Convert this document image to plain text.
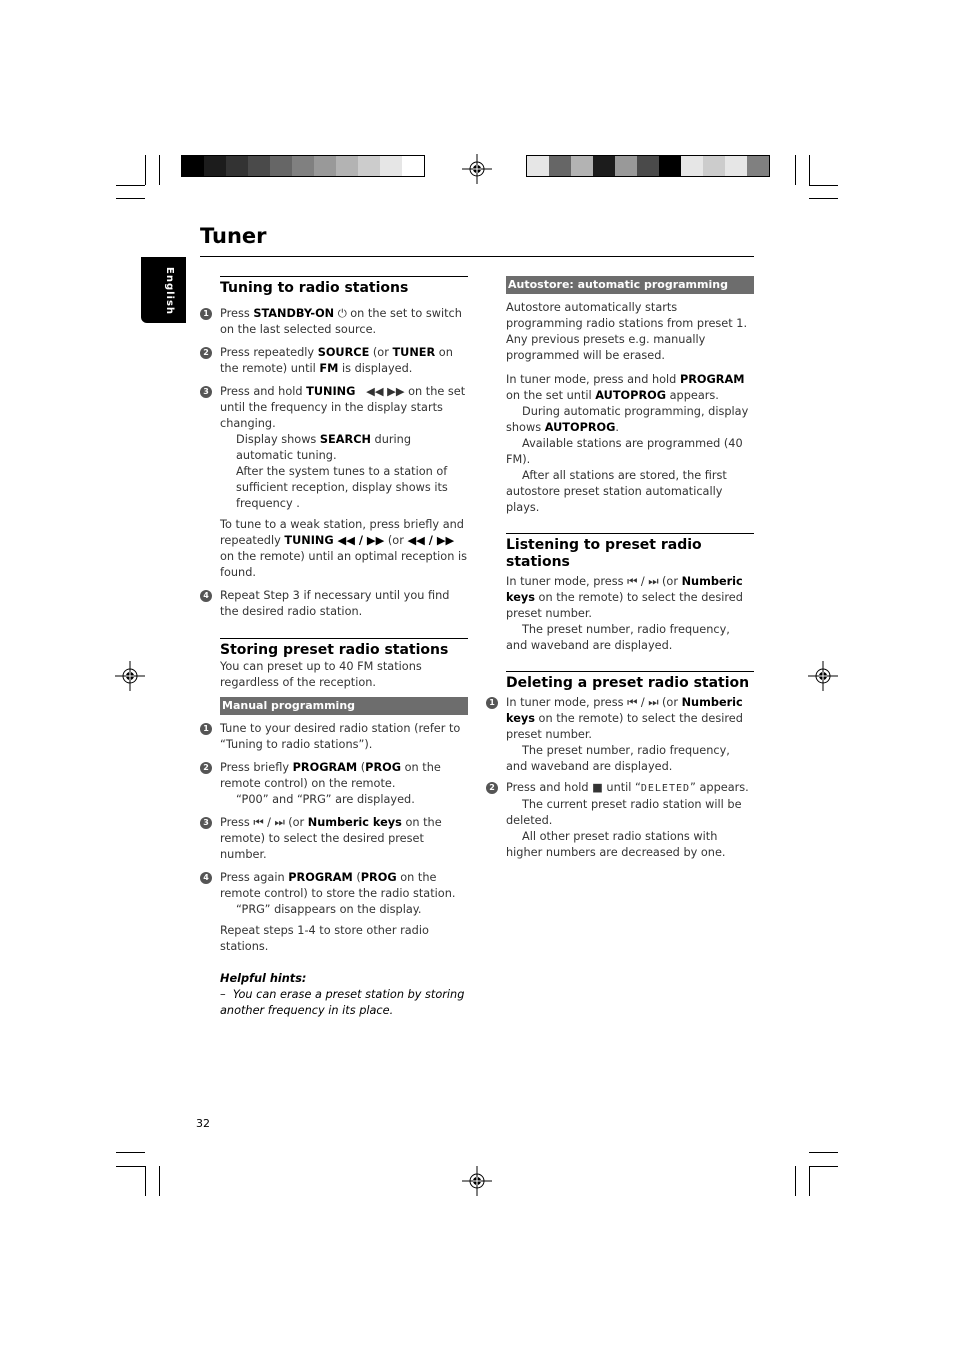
English
Tuner
Tuning to radio stations

1 Press STANDBY-ON ⏻ on the set to switch on the last selected source.

2 Press repeatedly SOURCE (or TUNER on the remote) until FM is displayed.

3 Press and hold TUNING   ◀◀ ▶▶ on the set until the frequency in the display starts changing.

Display shows SEARCH during automatic tuning.

After the system tunes to a station of sufficient reception, display shows its frequency .

To tune to a weak station, press briefly and repeatedly TUNING ◀◀ / ▶▶ (or ◀◀ / ▶▶ on the remote) until an optimal reception is found.

4 Repeat Step 3 if necessary until you find the desired radio station.

Storing preset radio stations

You can preset up to 40 FM stations regardless of the reception.

Manual programming

1 Tune to your desired radio station (refer to “Tuning to radio stations”).

2 Press briefly PROGRAM (PROG on the remote control) on the remote.

“P00” and “PRG” are displayed.

3 Press ⏮ / ⏭ (or Numberic keys on the remote) to select the desired preset number.

4 Press again PROGRAM (PROG on the remote control) to store the radio station.

“PRG” disappears on the display.

Repeat steps 1-4 to store other radio stations.

Helpful hints:

–  You can erase a preset station by storing another frequency in its place.

Autostore: automatic programming

Autostore automatically starts programming radio stations from preset 1. Any previous presets e.g. manually programmed will be erased.

In tuner mode, press and hold PROGRAM on the set until AUTOPROG appears.

During automatic programming, display shows AUTOPROG.

Available stations are programmed (40 FM).

After all stations are stored, the first autostore preset station automatically plays.

Listening to preset radio stations

In tuner mode, press ⏮ / ⏭ (or Numberic keys on the remote) to select the desired preset number.

The preset number, radio frequency, and waveband are displayed.

Deleting a preset radio station

1 In tuner mode, press ⏮ / ⏭ (or Numberic keys on the remote) to select the desired preset number.

The preset number, radio frequency, and waveband are displayed.

2 Press and hold ■ until “DELETED” appears.

The current preset radio station will be deleted.

All other preset radio stations with higher numbers are decreased by one.

32
